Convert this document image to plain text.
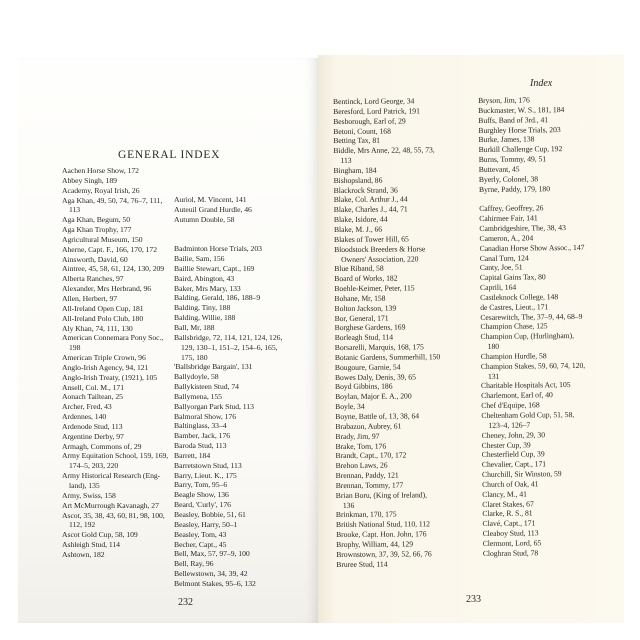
GENERAL INDEX
Index
Aachen Horse Show, 172
Abbey Singh, 189
Academy, Royal Irish, 26
Aga Khan, 49, 50, 74, 76–7, 111,
113
Aga Khan, Begum, 50
Aga Khan Trophy, 177
Agricultural Museum, 150
Aherne, Capt. F., 166, 170, 172
Ainsworth, David, 60
Aintree, 45, 58, 61, 124, 130, 209
Alberta Ranches, 97
Alexander, Mrs Herbrand, 96
Allen, Herbert, 97
All-Ireland Open Cup, 181
All-Ireland Polo Club, 180
Aly Khan, 74, 111, 130
American Connemara Pony Soc.,
198
American Triple Crown, 96
Anglo-Irish Agency, 94, 121
Anglo-Irish Treaty, (1921), 105
Ansell, Col. M., 171
Aonach Tailtean, 25
Archer, Fred, 43
Ardennes, 140
Ardenode Stud, 113
Argentine Derby, 97
Armagh, Commons of, 29
Army Equitation School, 159, 169,
174–5, 203, 220
Army Historical Research (Eng-
land), 135
Army, Swiss, 158
Art McMurrough Kavanagh, 27
Ascot, 35, 38, 43, 60, 81, 98, 100,
112, 192
Ascot Gold Cup, 58, 109
Ashleigh Stud, 114
Ashtown, 182
Auriol, M. Vincent, 141
Auteuil Grand Hurdle, 46
Autumn Double, 58
Badminton Horse Trials, 203
Bailie, Sam, 156
Baillie Stewart, Capt., 169
Baird, Abington, 43
Baker, Mrs Mary, 133
Balding, Gerald, 186, 188–9
Balding, Tiny, 188
Balding, Willie, 188
Ball, Mr, 188
Ballsbridge, 72, 114, 121, 124, 126,
129, 130–1, 151–2, 154–6, 165,
175, 180
'Ballsbridge Bargain', 131
Ballydoyle, 58
Ballykisteen Stud, 74
Ballymena, 155
Ballyorgan Park Stud, 113
Balmoral Show, 176
Baltinglass, 33–4
Bamber, Jack, 176
Baroda Stud, 113
Barrett, 184
Barretstown Stud, 113
Barry, Lieut. K., 175
Barry, Tom, 95–6
Beagle Show, 136
Beard, 'Curly', 176
Beasley, Bobbie, 51, 61
Beasley, Harry, 50–1
Beasley, Tom, 43
Becher, Capt., 45
Bell, Max, 57, 97–9, 100
Bell, Ray, 96
Bellewstown, 34, 39, 42
Belmont Stakes, 95–6, 132
Bentinck, Lord George, 34
Beresford, Lord Patrick, 191
Besborough, Earl of, 29
Betoni, Count, 168
Betting Tax, 81
Biddle, Mrs Anne, 22, 48, 55, 73,
113
Bingham, 184
Bishopsland, 86
Blackrock Strand, 36
Blake, Col. Arthur J., 44
Blake, Charles J., 44, 71
Blake, Isidore, 44
Blake, M. J., 66
Blakes of Tower Hill, 65
Bloodstock Breeders & Horse
Owners' Association, 220
Blue Riband, 58
Board of Works, 182
Boehle-Keimer, Peter, 115
Bohane, Mr, 158
Bolton Jackson, 139
Bor, General, 171
Borghese Gardens, 169
Borleagh Stud, 114
Borsarelli, Marquis, 168, 175
Botanic Gardens, Summerhill, 150
Bougoure, Garnie, 54
Bowes Daly, Denis, 39, 65
Boyd Gibbins, 186
Boylan, Major E. A., 200
Boyle, 34
Boyne, Battle of, 13, 38, 64
Brabazon, Aubrey, 61
Brady, Jim, 97
Brake, Tom, 176
Brandt, Capt., 170, 172
Brehon Laws, 26
Brennan, Paddy, 121
Brennan, Tommy, 177
Brian Boru, (King of Ireland),
136
Brinkman, 170, 175
British National Stud, 110, 112
Brooke, Capt. Hon. John, 176
Brophy, William, 44, 129
Brownstown, 37, 39, 52, 66, 76
Bruree Stud, 114
Bryson, Jim, 176
Buckmaster, W. S., 181, 184
Buffs, Band of 3rd., 41
Burghley Horse Trials, 203
Burke, James, 138
Burkill Challenge Cup, 192
Burns, Tommy, 49, 51
Buttevant, 45
Byerly, Colonel, 38
Byrne, Paddy, 179, 180
Caffrey, Geoffrey, 26
Cahirmee Fair, 141
Cambridgeshire, The, 38, 43
Cameron, A., 204
Canadian Horse Show Assoc., 147
Canal Turn, 124
Canty, Joe, 51
Capital Gains Tax, 80
Caprili, 164
Castleknock College, 148
de Castres, Lieut., 171
Cesarewitch, The, 37–9, 44, 68–9
Champion Chase, 125
Champion Cup, (Hurlingham),
180
Champion Hurdle, 58
Champion Stakes, 59, 60, 74, 120,
131
Charitable Hospitals Act, 105
Charlemont, Earl of, 40
Chef d'Equipe, 168
Cheltenham Gold Cup, 51, 58,
123–4, 126–7
Cheney, John, 29, 30
Chester Cup, 39
Chesterfield Cup, 39
Chevalier, Capt., 171
Churchill, Sir Winston, 59
Church of Oak, 41
Clancy, M., 41
Claret Stakes, 67
Clarke, R. S., 81
Clavé, Capt., 171
Cleaboy Stud, 113
Clermont, Lord, 65
Cloghran Stud, 78
232	233
